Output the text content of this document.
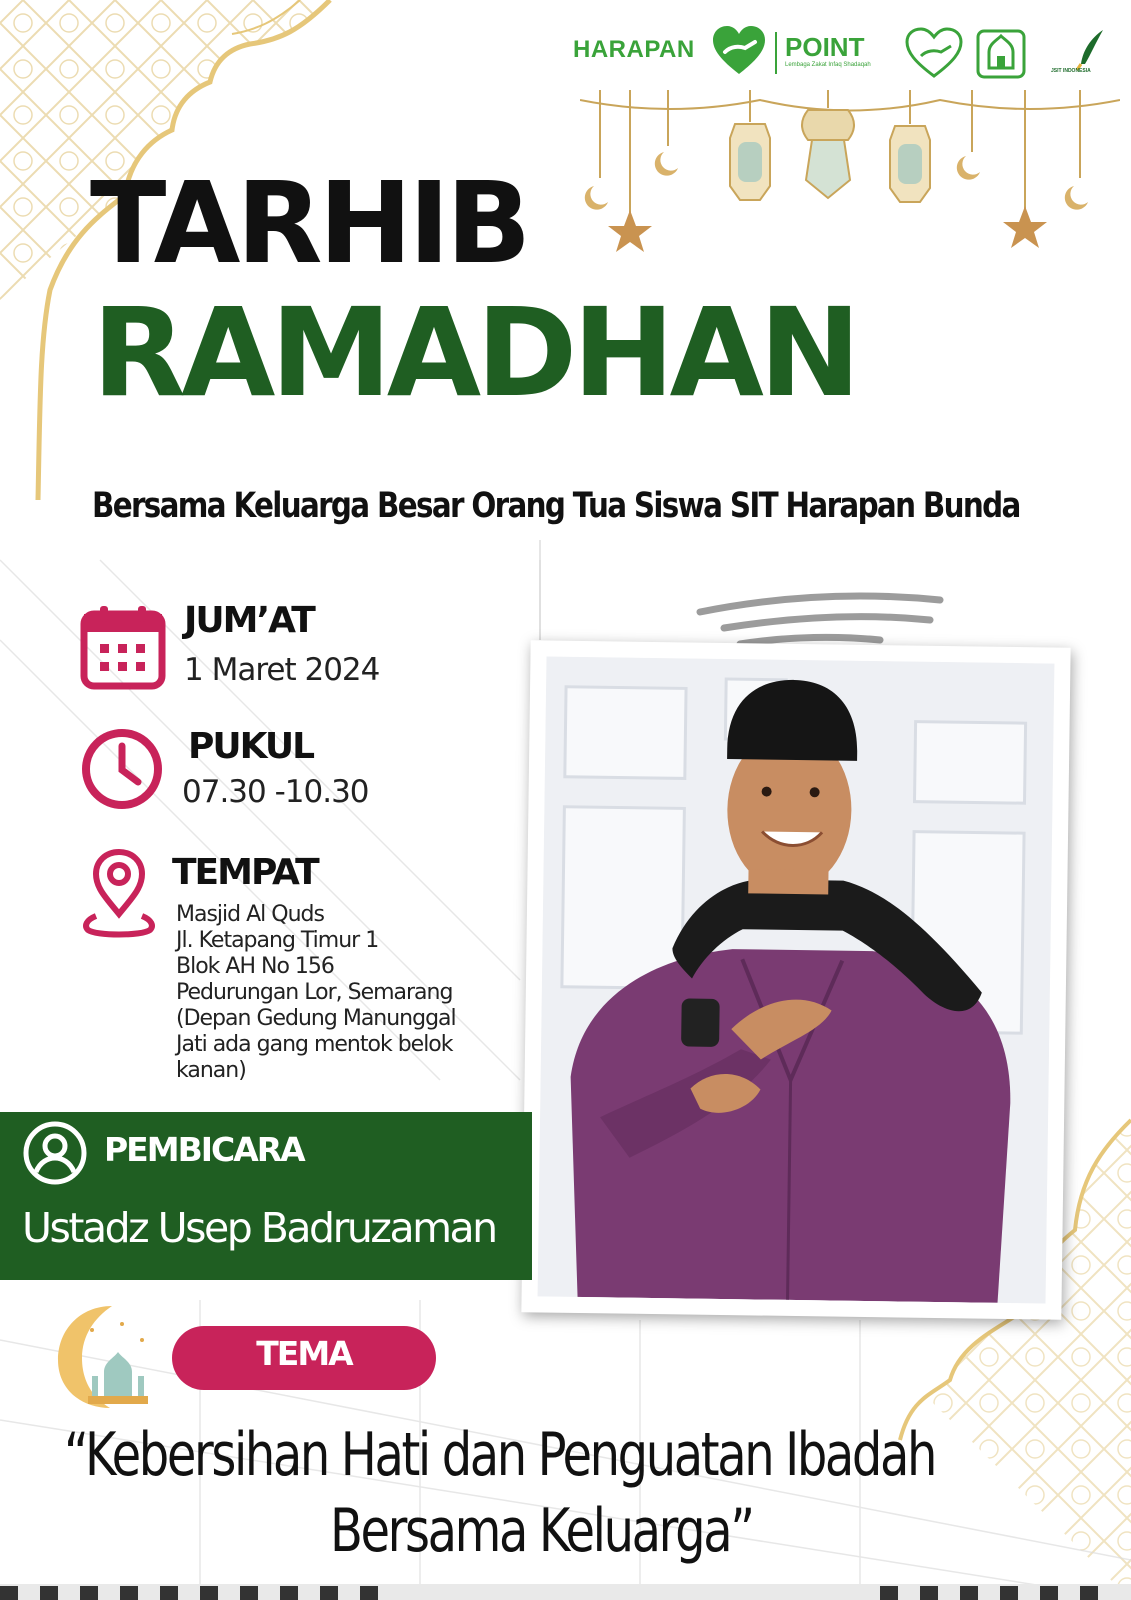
HARAPAN	POINT
Lembaga Zakat Infaq Shadaqah
JSIT INDONESIA
TARHIB
RAMADHAN
Bersama Keluarga Besar Orang Tua Siswa SIT Harapan Bunda
JUM’AT
1 Maret 2024
PUKUL
07.30 -10.30
TEMPAT
Masjid Al Quds
Jl. Ketapang Timur 1
Blok AH No 156
Pedurungan Lor, Semarang
(Depan Gedung Manunggal
Jati ada gang mentok belok
kanan)
PEMBICARA
Ustadz Usep Badruzaman
TEMA
“Kebersihan Hati dan Penguatan Ibadah
Bersama Keluarga”
